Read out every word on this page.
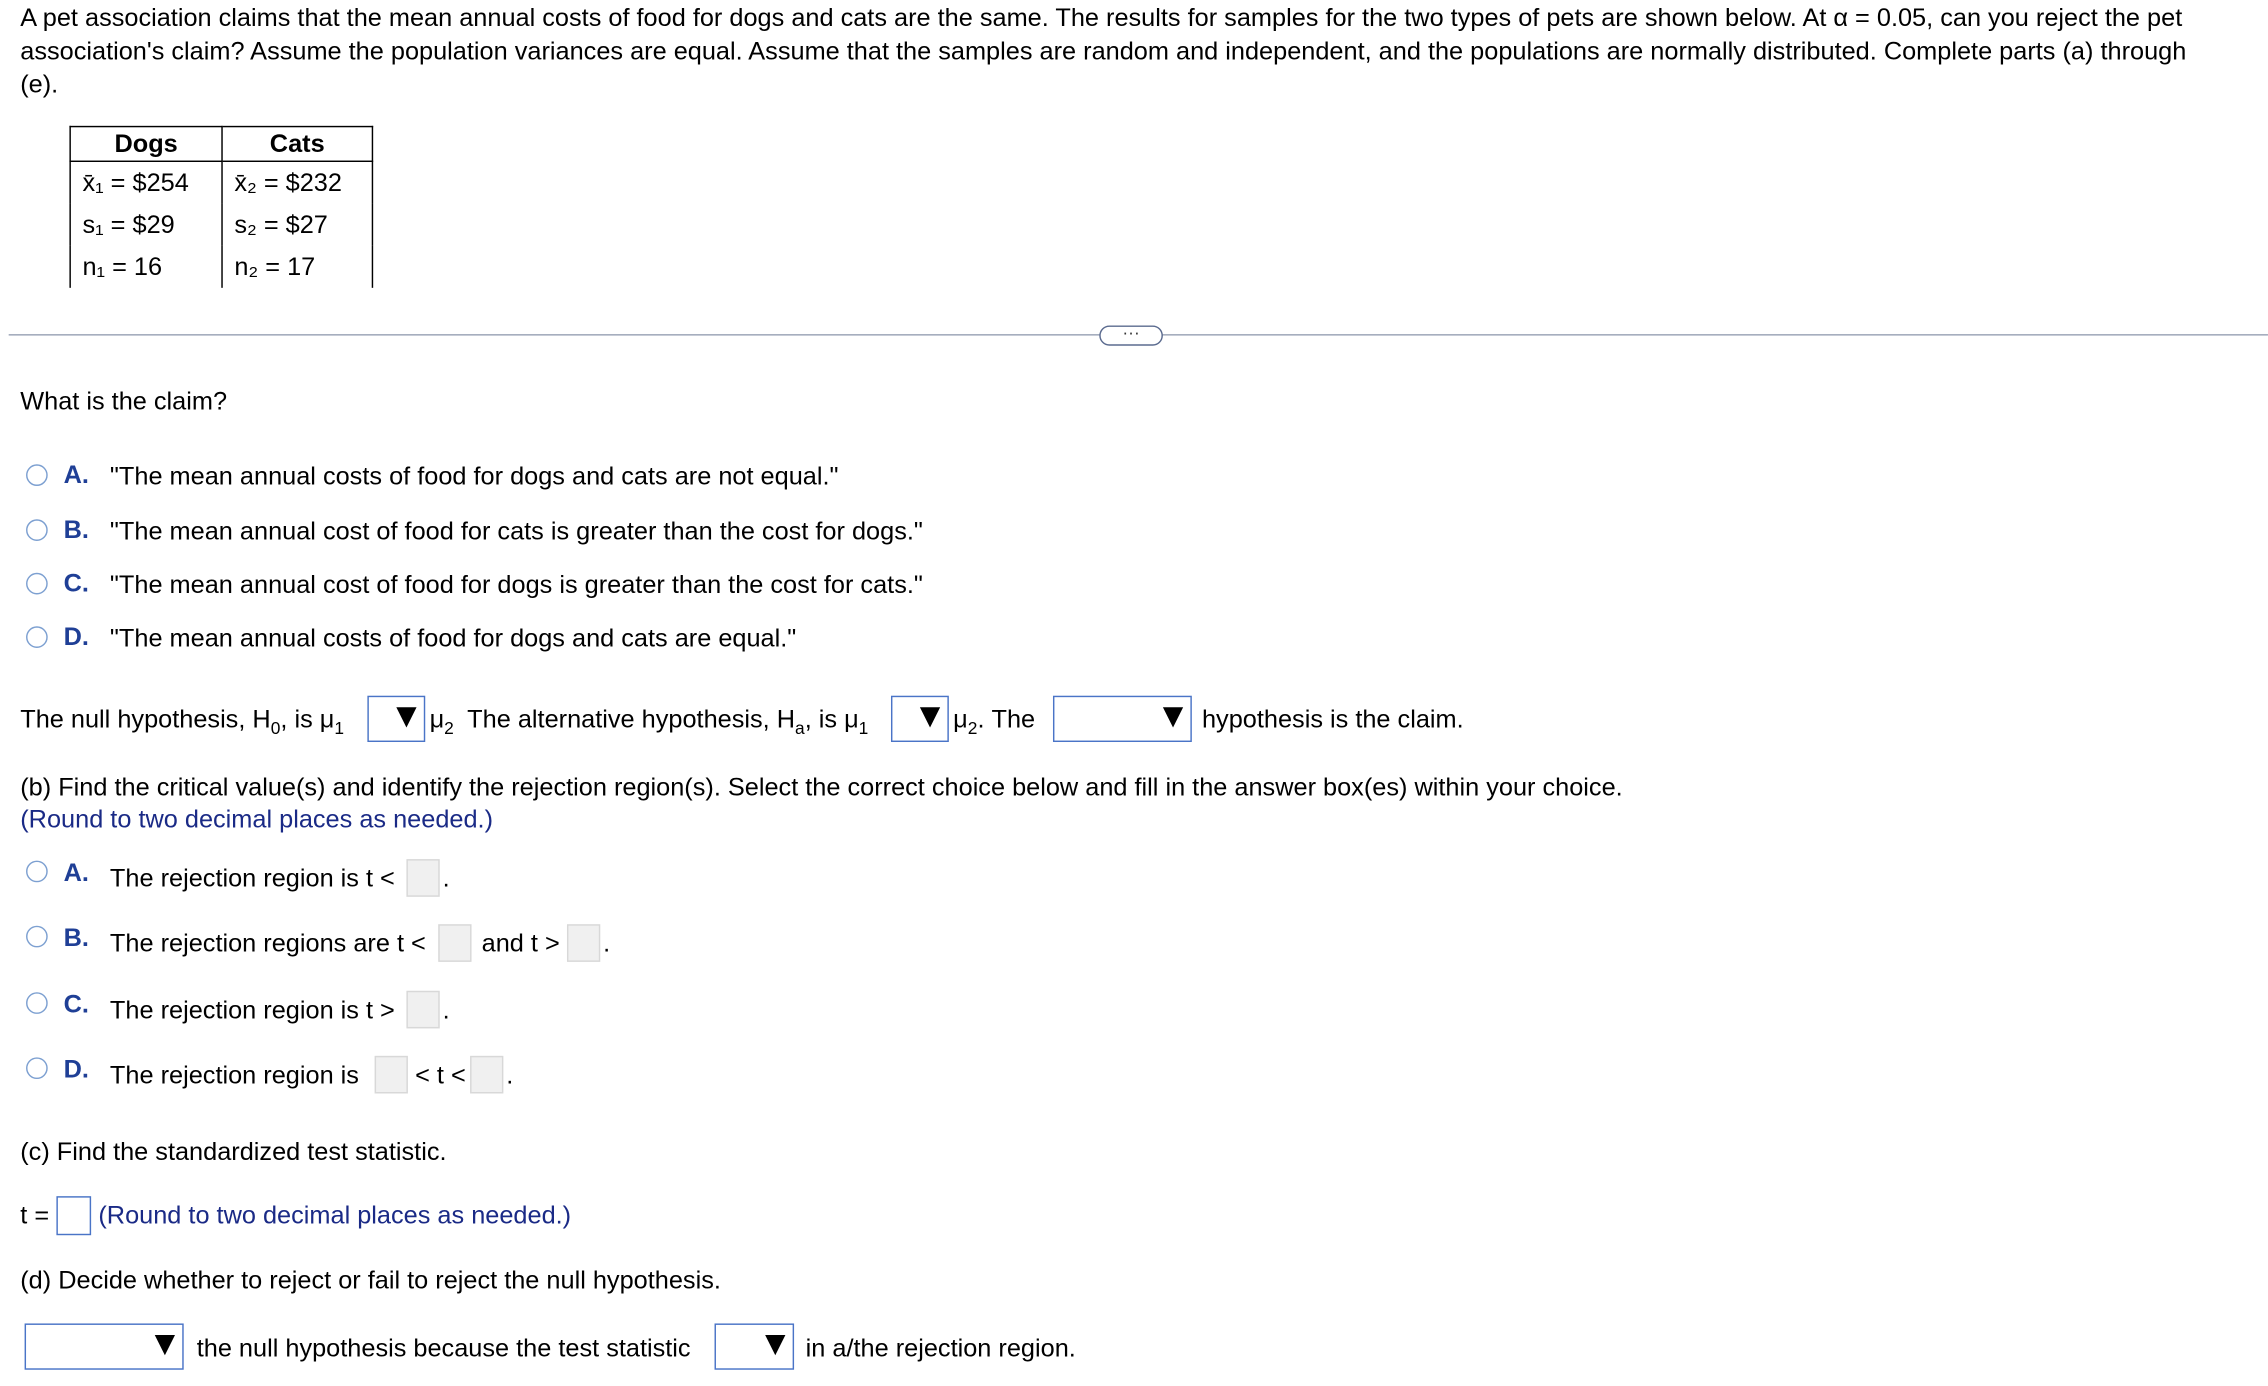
A pet association claims that the mean annual costs of food for dogs and cats are the same. The results for samples for the two types of pets are shown below. At α = 0.05, can you reject the pet association's claim? Assume the population variances are equal. Assume that the samples are random and independent, and the populations are normally distributed. Complete parts (a) through (e).
Dogs	Cats
x̄₁ = $254	x̄₂ = $232
s₁ = $29	s₂ = $27
n₁ = 16	n₂ = 17
···
What is the claim?
A. "The mean annual costs of food for dogs and cats are not equal."
B. "The mean annual cost of food for cats is greater than the cost for dogs."
C. "The mean annual cost of food for dogs is greater than the cost for cats."
D. "The mean annual costs of food for dogs and cats are equal."
The null hypothesis, $H_0$, is $\mu_1$	$\mu_2$ The alternative hypothesis, $H_a$, is $\mu_1$	$\mu_2$. The	hypothesis is the claim.
(b) Find the critical value(s) and identify the rejection region(s). Select the correct choice below and fill in the answer box(es) within your choice.
(Round to two decimal places as needed.)
A. The rejection region is t <	.
B. The rejection regions are t <	and t > .
C. The rejection region is t >	.
D. The rejection region is	< t < .
(c) Find the standardized test statistic.
t =	(Round to two decimal places as needed.)
(d) Decide whether to reject or fail to reject the null hypothesis.
the null hypothesis because the test statistic	in a/the rejection region.
